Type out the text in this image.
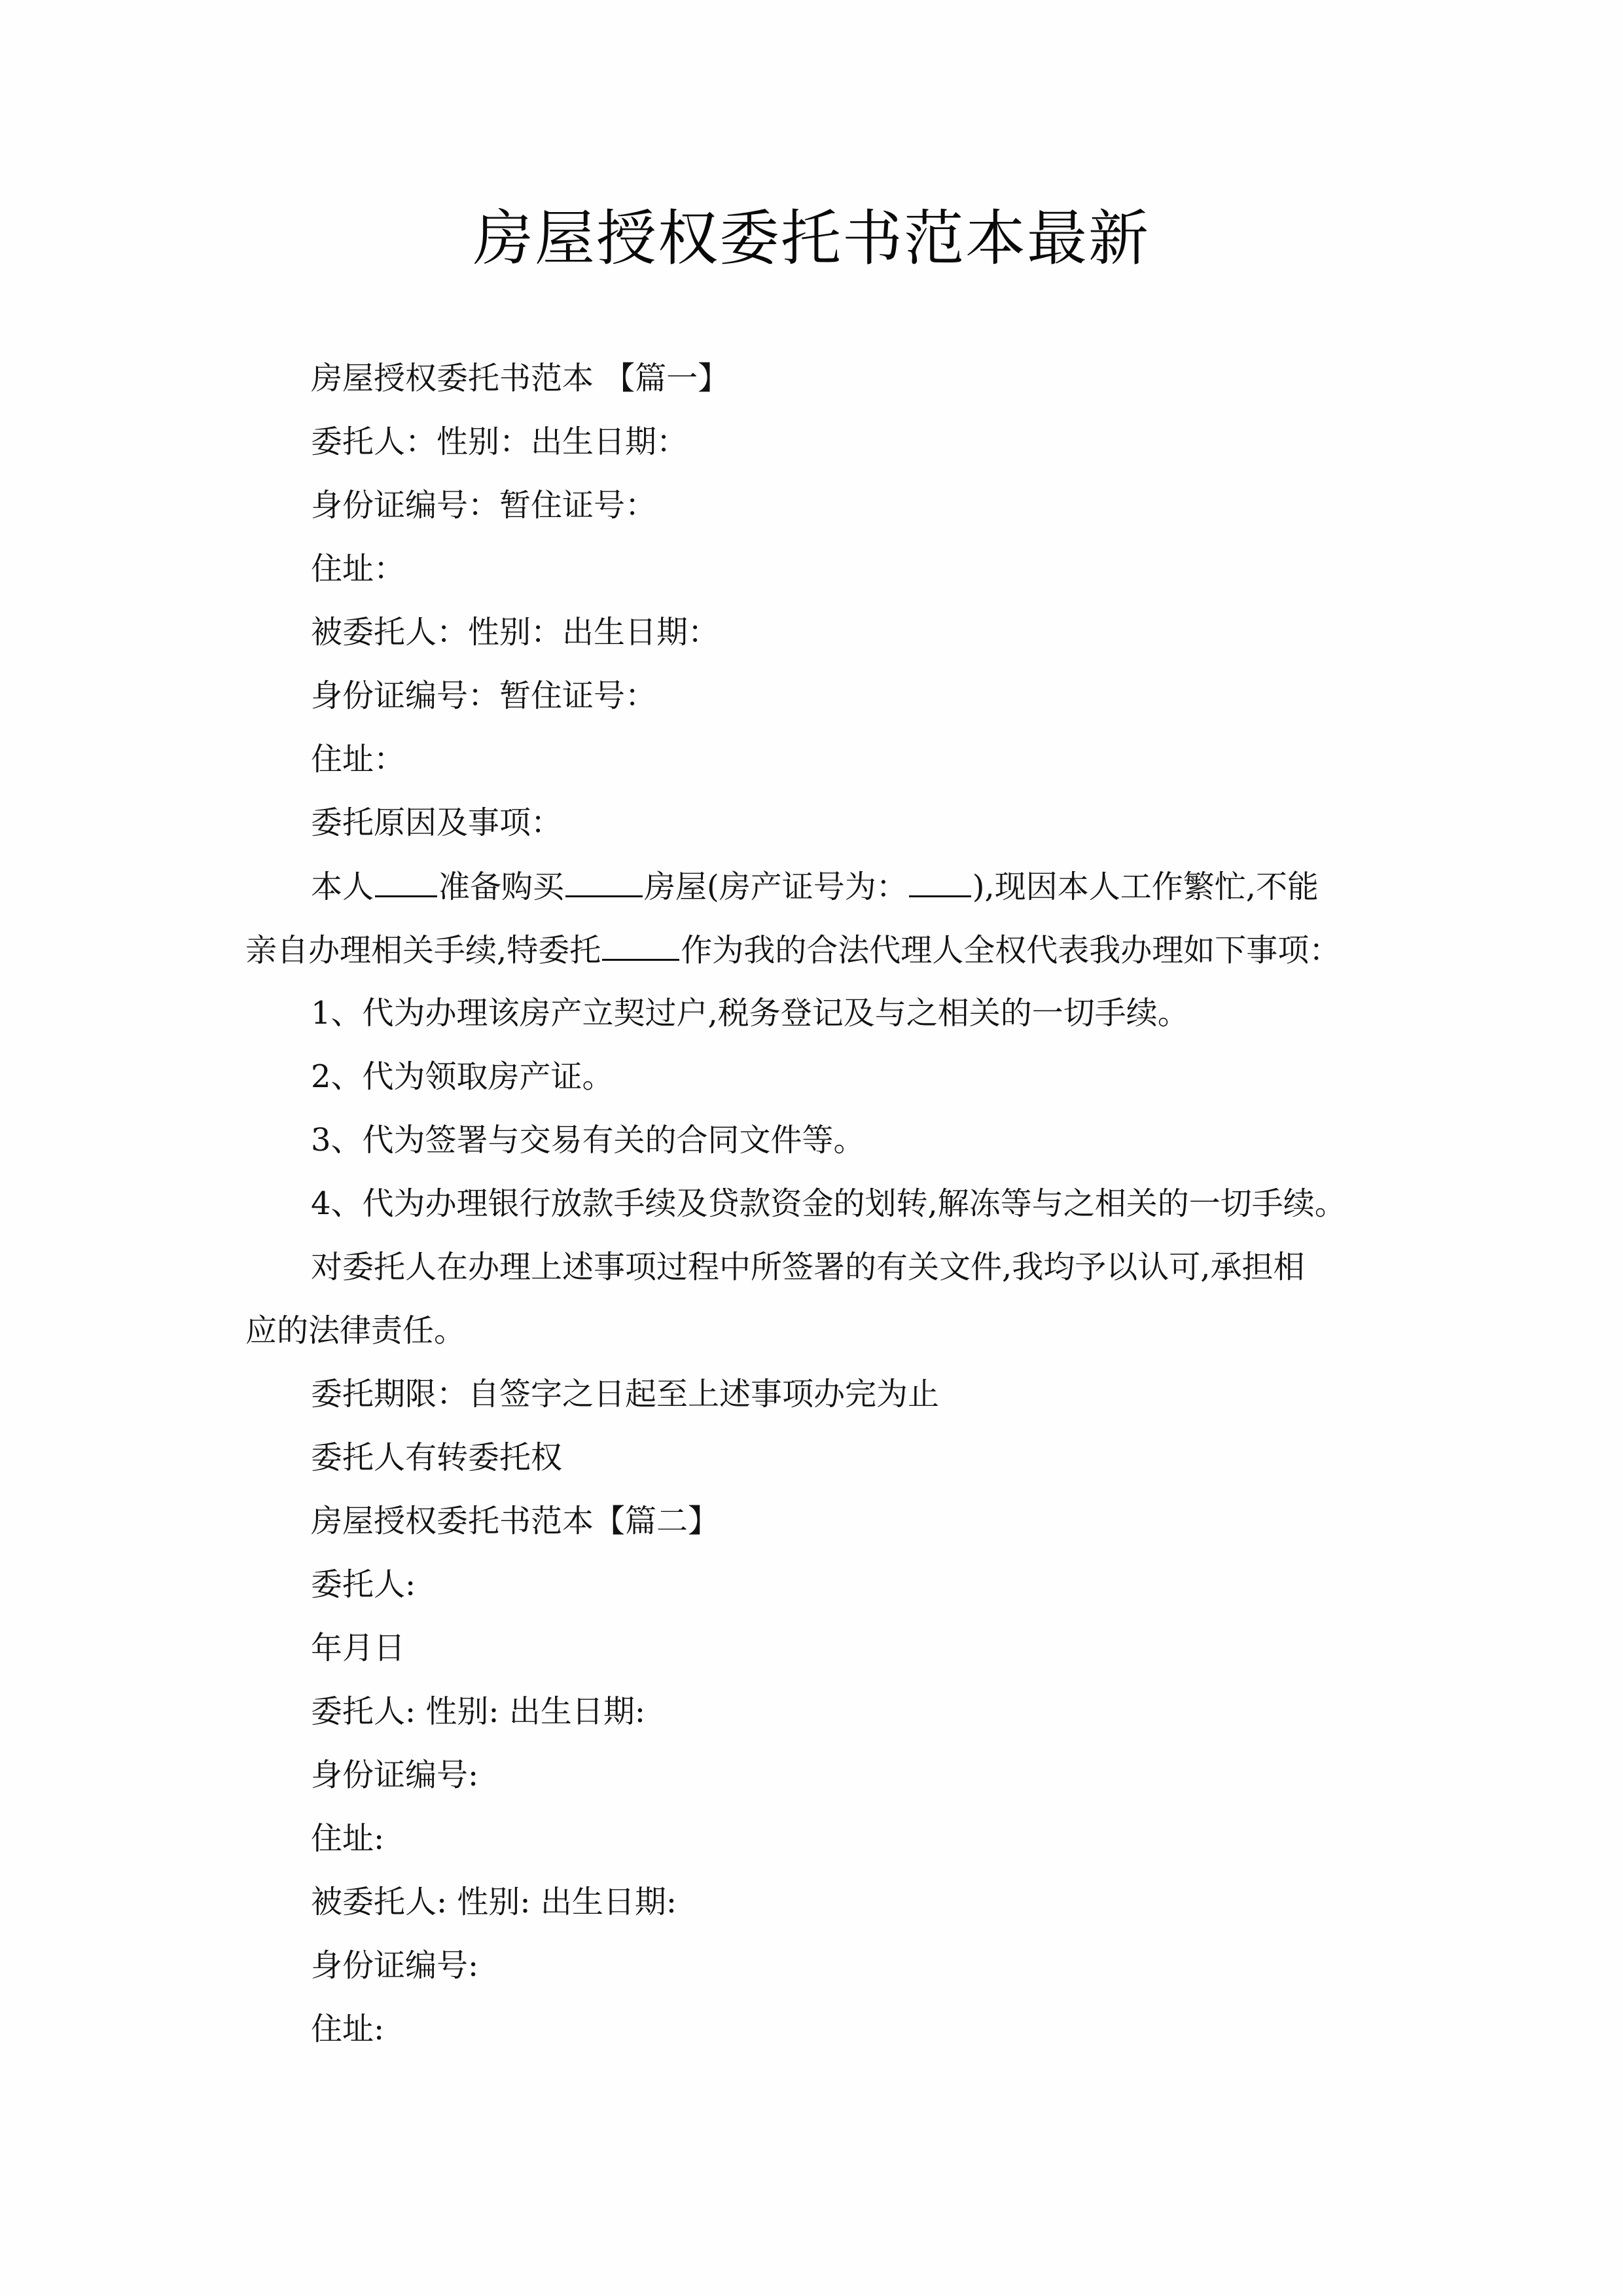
房屋授权委托书范本最新
房屋授权委托书范本 【篇一】
委托人：性别：出生日期：
身份证编号：暂住证号：
住址：
被委托人：性别：出生日期：
身份证编号：暂住证号：
住址：
委托原因及事项：
本人 准备购买	房屋(房产证号为： ),现因本人工作繁忙,不能
亲自办理相关手续,特委托	作为我的合法代理人全权代表我办理如下事项：
1、代为办理该房产立契过户,税务登记及与之相关的一切手续。
2、代为领取房产证。
3、代为签署与交易有关的合同文件等。
4、代为办理银行放款手续及贷款资金的划转,解冻等与之相关的一切手续。
对委托人在办理上述事项过程中所签署的有关文件,我均予以认可,承担相
应的法律责任。
委托期限：自签字之日起至上述事项办完为止
委托人有转委托权
房屋授权委托书范本【篇二】
委托人:
年月日
委托人: 性别: 出生日期:
身份证编号:
住址:
被委托人: 性别: 出生日期:
身份证编号:
住址:
